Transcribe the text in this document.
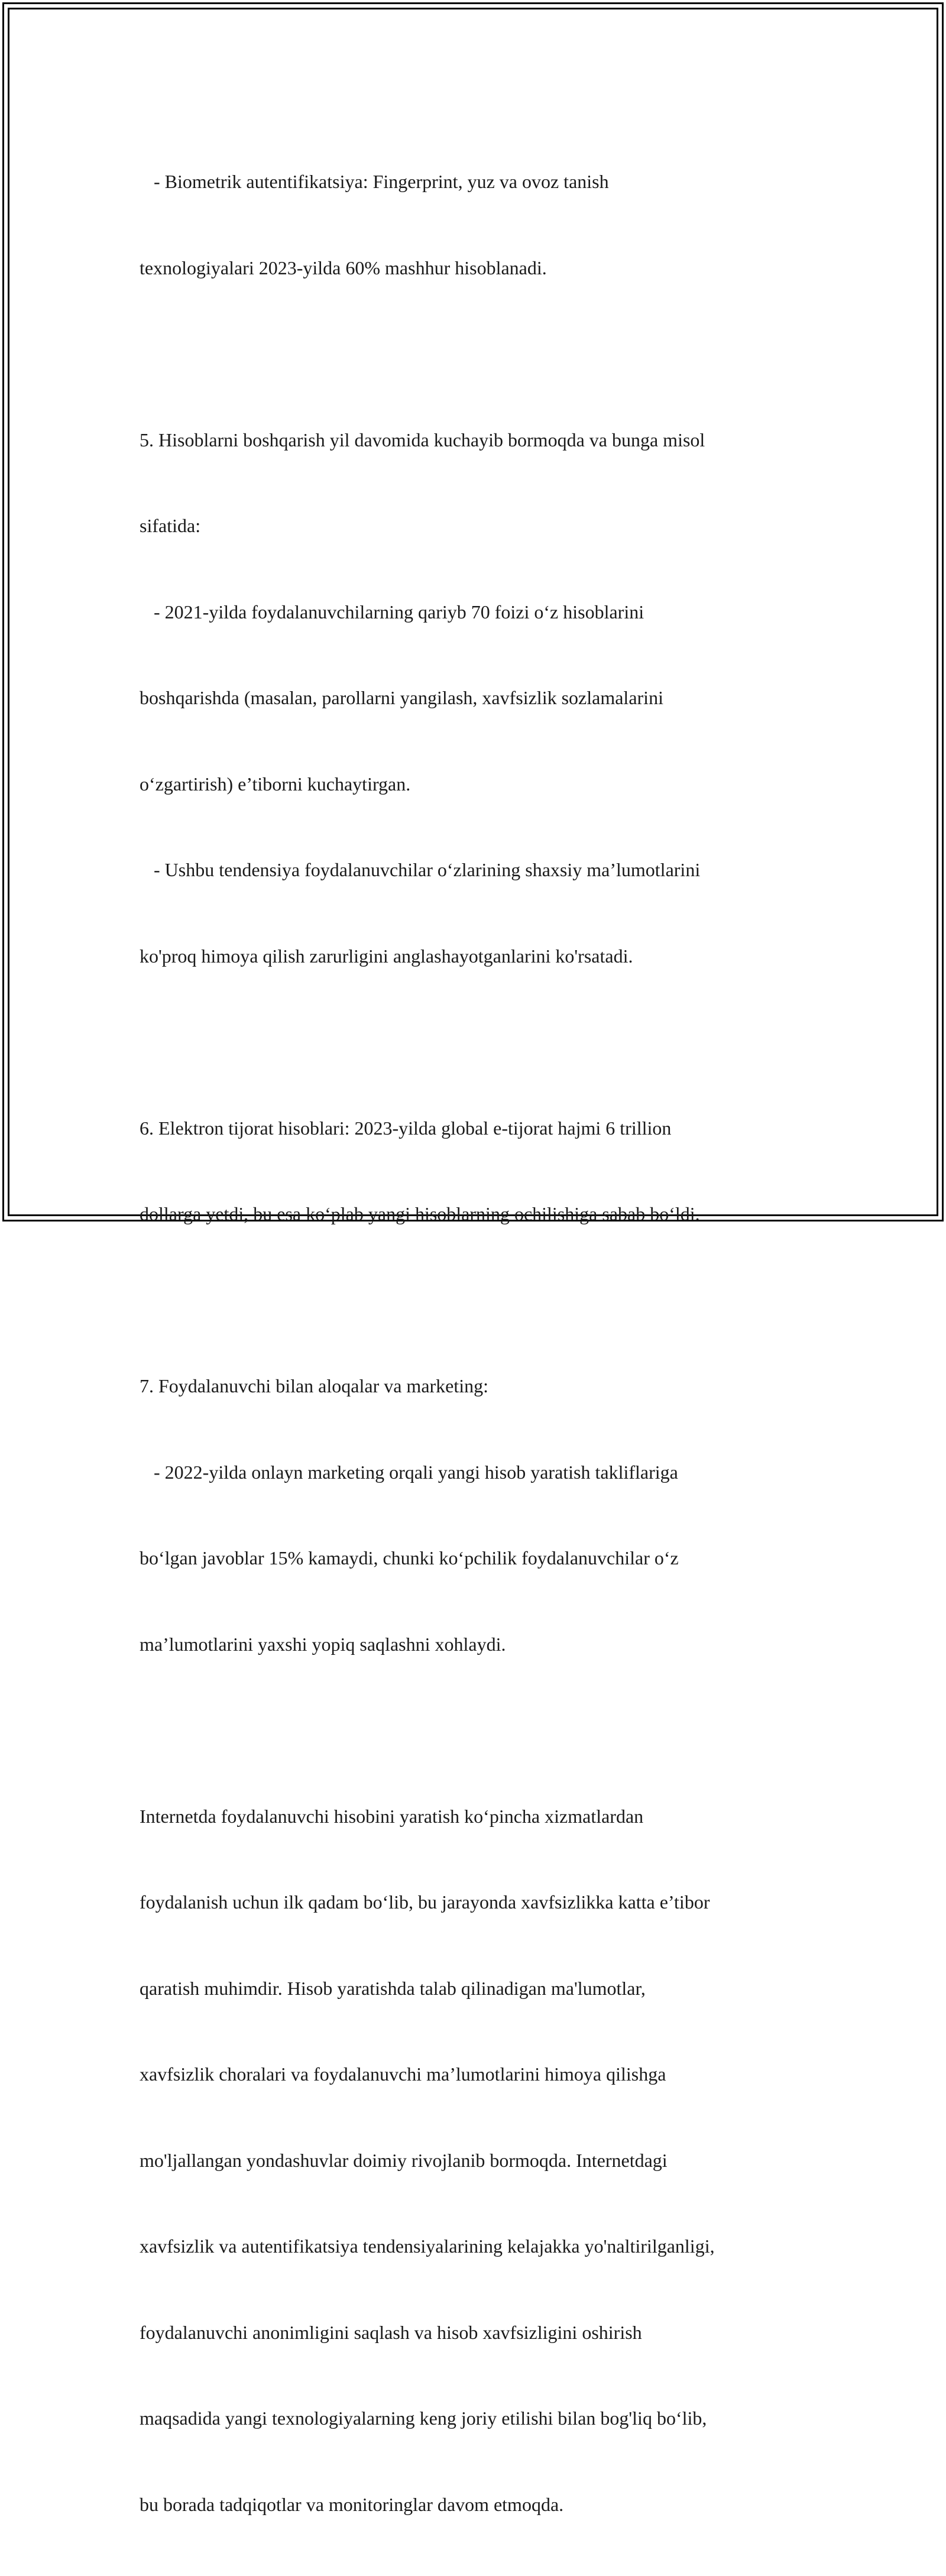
- Biometrik autentifikatsiya: Fingerprint, yuz va ovoz tanish

texnologiyalari 2023-yilda 60% mashhur hisoblanadi.

5. Hisoblarni boshqarish yil davomida kuchayib bormoqda va bunga misol

sifatida:

- 2021-yilda foydalanuvchilarning qariyb 70 foizi o‘z hisoblarini

boshqarishda (masalan, parollarni yangilash, xavfsizlik sozlamalarini

o‘zgartirish) e’tiborni kuchaytirgan.

- Ushbu tendensiya foydalanuvchilar o‘zlarining shaxsiy ma’lumotlarini

ko'proq himoya qilish zarurligini anglashayotganlarini ko'rsatadi.

6. Elektron tijorat hisoblari: 2023-yilda global e-tijorat hajmi 6 trillion

dollarga yetdi, bu esa ko‘plab yangi hisoblarning ochilishiga sabab bo‘ldi.

7. Foydalanuvchi bilan aloqalar va marketing:

- 2022-yilda onlayn marketing orqali yangi hisob yaratish takliflariga

bo‘lgan javoblar 15% kamaydi, chunki ko‘pchilik foydalanuvchilar o‘z

ma’lumotlarini yaxshi yopiq saqlashni xohlaydi.

Internetda foydalanuvchi hisobini yaratish ko‘pincha xizmatlardan

foydalanish uchun ilk qadam bo‘lib, bu jarayonda xavfsizlikka katta e’tibor

qaratish muhimdir. Hisob yaratishda talab qilinadigan ma'lumotlar,

xavfsizlik choralari va foydalanuvchi ma’lumotlarini himoya qilishga

mo'ljallangan yondashuvlar doimiy rivojlanib bormoqda. Internetdagi

xavfsizlik va autentifikatsiya tendensiyalarining kelajakka yo'naltirilganligi,

foydalanuvchi anonimligini saqlash va hisob xavfsizligini oshirish

maqsadida yangi texnologiyalarning keng joriy etilishi bilan bog'liq bo‘lib,

bu borada tadqiqotlar va monitoringlar davom etmoqda.
